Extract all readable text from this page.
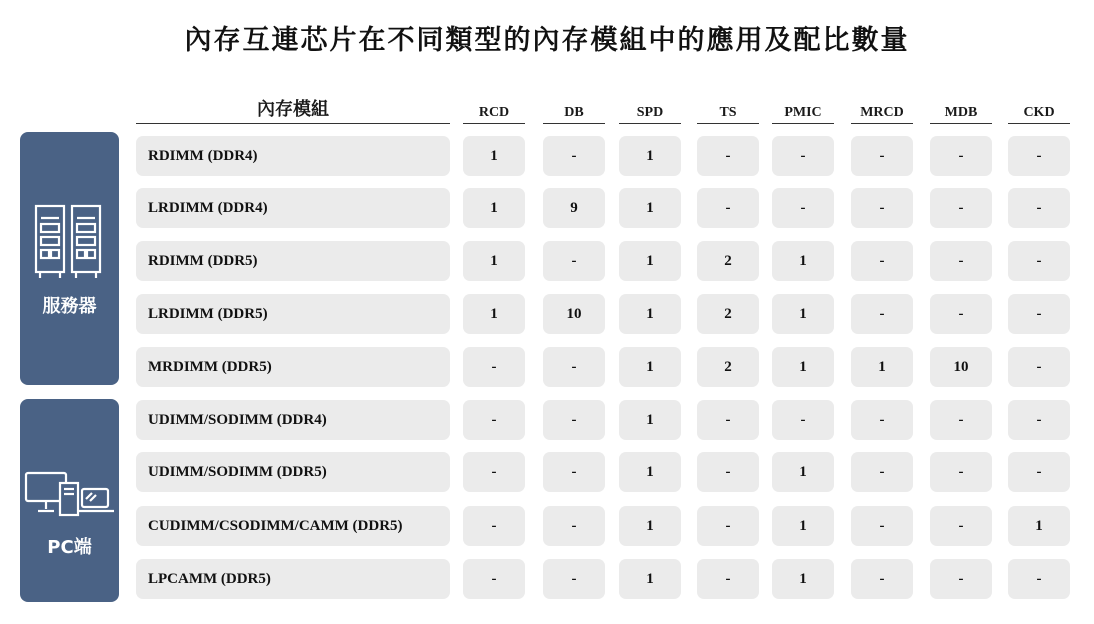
內存互連芯片在不同類型的內存模組中的應用及配比數量
內存模組	RCD	DB	SPD	TS	PMIC	MRCD	MDB	CKD
服務器
PC端
RDIMM (DDR4)	1	-	1	-	-	-	-	-
LRDIMM (DDR4)	1	9	1	-	-	-	-	-
RDIMM (DDR5)	1	-	1	2	1	-	-	-
LRDIMM (DDR5)	1	10	1	2	1	-	-	-
MRDIMM (DDR5)	-	-	1	2	1	1	10	-
UDIMM/SODIMM (DDR4)	-	-	1	-	-	-	-	-
UDIMM/SODIMM (DDR5)	-	-	1	-	1	-	-	-
CUDIMM/CSODIMM/CAMM (DDR5)	-	-	1	-	1	-	-	1
LPCAMM (DDR5)	-	-	1	-	1	-	-	-
